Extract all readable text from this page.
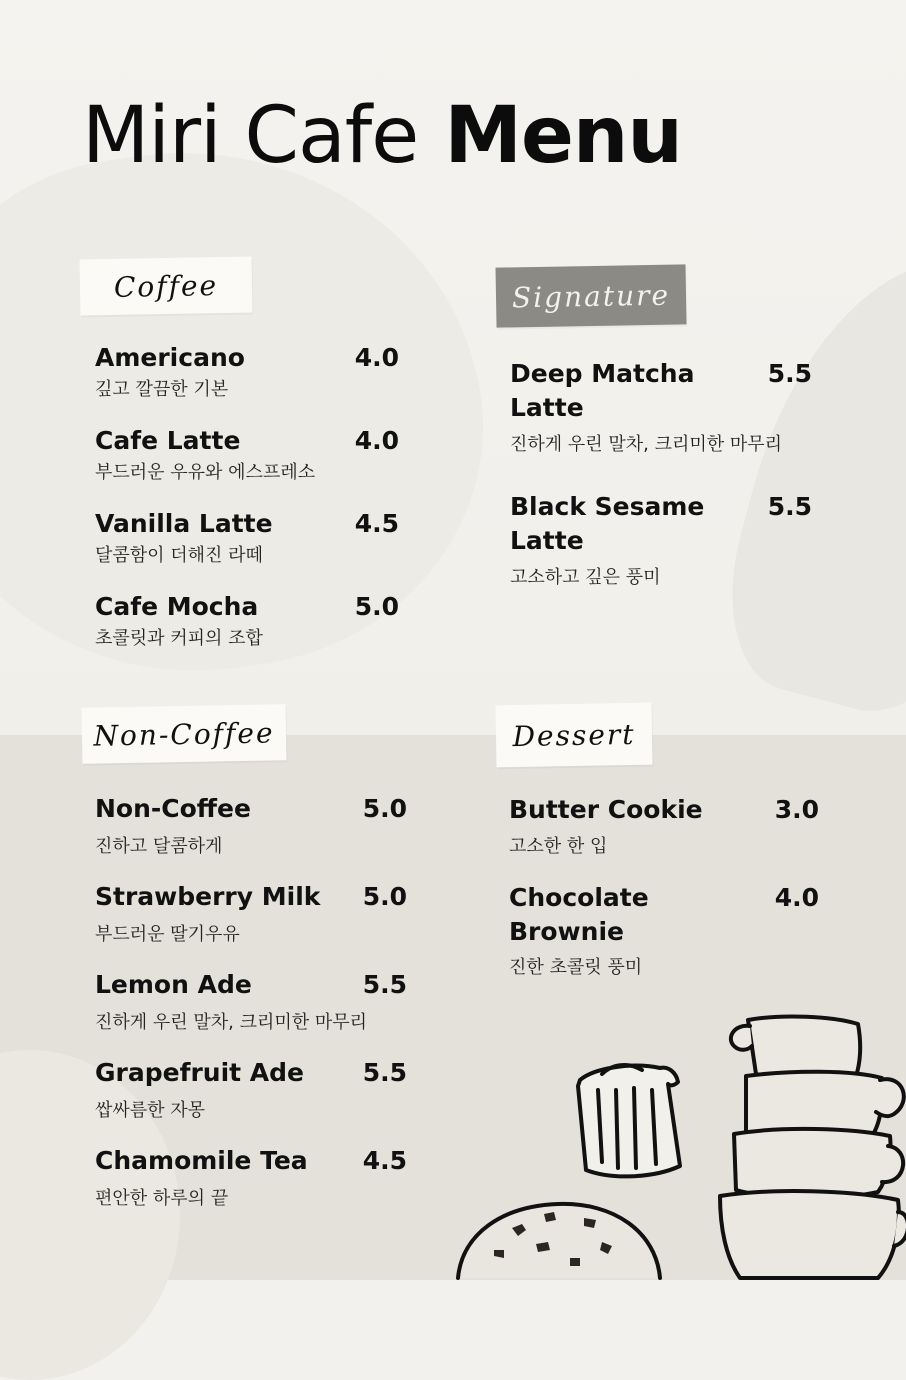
Miri Cafe Menu
Coffee	Signature
Non-Coffee	Dessert
Americano	4.0
깊고 깔끔한 기본
Cafe Latte	4.0
부드러운 우유와 에스프레소
Vanilla Latte	4.5
달콤함이 더해진 라떼
Cafe Mocha	5.0
초콜릿과 커피의 조합
Deep Matcha Latte
5.5
진하게 우린 말차, 크리미한 마무리
Black Sesame Latte
5.5
고소하고 깊은 풍미
Non-Coffee	5.0
진하고 달콤하게
Strawberry Milk 5.0
부드러운 딸기우유
Lemon Ade	5.5
진하게 우린 말차, 크리미한 마무리
Grapefruit Ade 5.5
쌉싸름한 자몽
Chamomile Tea 4.5
편안한 하루의 끝
Butter Cookie	3.0
고소한 한 입
Chocolate Brownie
4.0
진한 초콜릿 풍미
